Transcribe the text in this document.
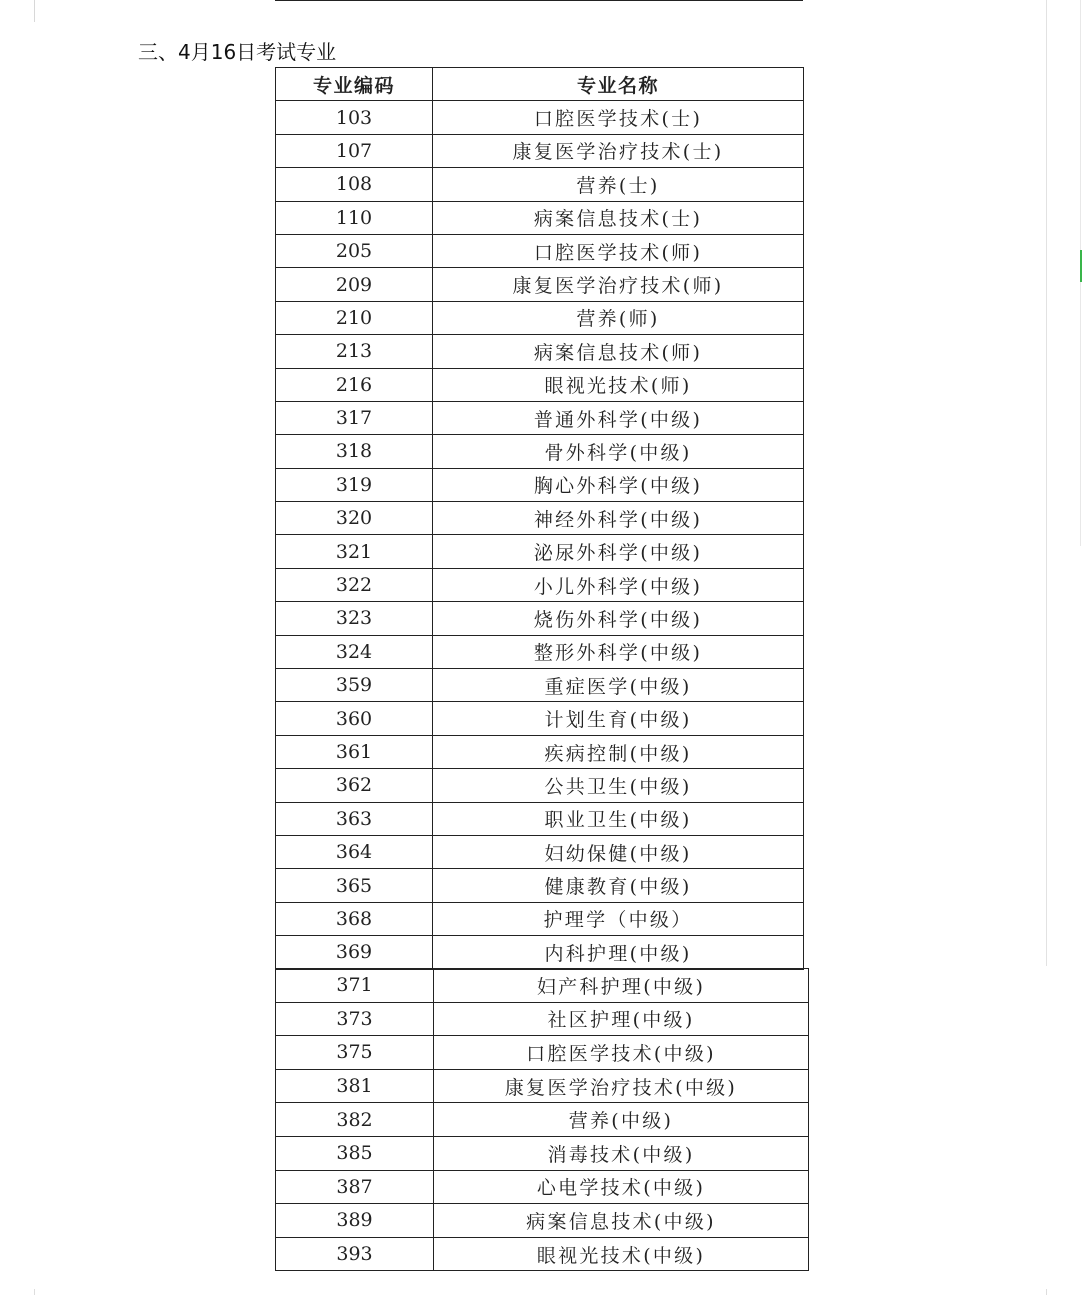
三、4月16日考试专业
专业编码	专业名称
103	口腔医学技术(士)
107	康复医学治疗技术(士)
108	营养(士)
110	病案信息技术(士)
205	口腔医学技术(师)
209	康复医学治疗技术(师)
210	营养(师)
213	病案信息技术(师)
216	眼视光技术(师)
317	普通外科学(中级)
318	骨外科学(中级)
319	胸心外科学(中级)
320	神经外科学(中级)
321	泌尿外科学(中级)
322	小儿外科学(中级)
323	烧伤外科学(中级)
324	整形外科学(中级)
359	重症医学(中级)
360	计划生育(中级)
361	疾病控制(中级)
362	公共卫生(中级)
363	职业卫生(中级)
364	妇幼保健(中级)
365	健康教育(中级)
368	护理学（中级）
369	内科护理(中级)
371	妇产科护理(中级)
373	社区护理(中级)
375	口腔医学技术(中级)
381	康复医学治疗技术(中级)
382	营养(中级)
385	消毒技术(中级)
387	心电学技术(中级)
389	病案信息技术(中级)
393	眼视光技术(中级)
